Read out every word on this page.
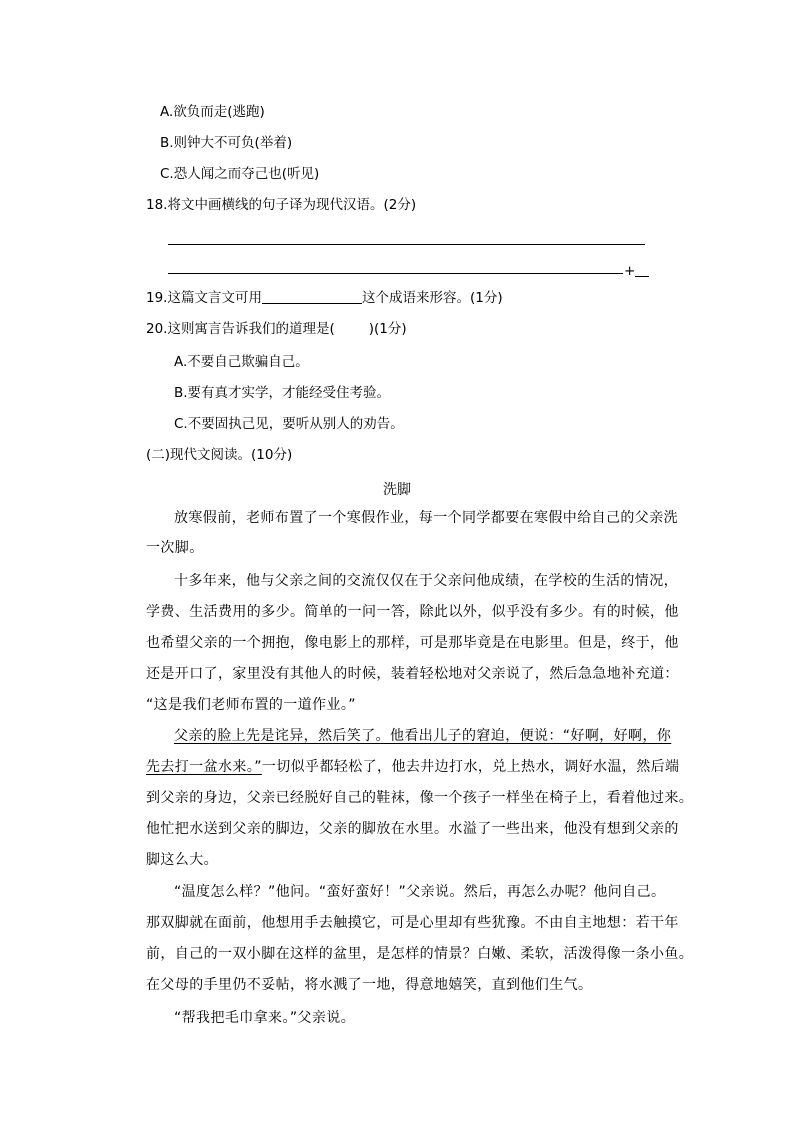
A.欲负而走(逃跑)
B.则钟大不可负(举着)
C.恐人闻之而夺己也(听见)
18.将文中画横线的句子译为现代汉语。(2分)
+
19.这篇文言文可用	这个成语来形容。(1分)
20.这则寓言告诉我们的道理是(	)(1分)
A.不要自己欺骗自己。
B.要有真才实学，才能经受住考验。
C.不要固执己见，要听从别人的劝告。
(二)现代文阅读。(10分)
洗脚
放寒假前，老师布置了一个寒假作业，每一个同学都要在寒假中给自己的父亲洗
一次脚。
十多年来，他与父亲之间的交流仅仅在于父亲问他成绩，在学校的生活的情况，
学费、生活费用的多少。简单的一问一答，除此以外，似乎没有多少。有的时候，他
也希望父亲的一个拥抱，像电影上的那样，可是那毕竟是在电影里。但是，终于，他
还是开口了，家里没有其他人的时候，装着轻松地对父亲说了，然后急急地补充道：
“这是我们老师布置的一道作业。”
父亲的脸上先是诧异，然后笑了。他看出儿子的窘迫，便说：“好啊，好啊，你
先去打一盆水来。”一切似乎都轻松了，他去井边打水，兑上热水，调好水温，然后端
到父亲的身边，父亲已经脱好自己的鞋袜，像一个孩子一样坐在椅子上，看着他过来。
他忙把水送到父亲的脚边，父亲的脚放在水里。水溢了一些出来，他没有想到父亲的
脚这么大。
“温度怎么样？”他问。“蛮好蛮好！”父亲说。然后，再怎么办呢？他问自己。
那双脚就在面前，他想用手去触摸它，可是心里却有些犹豫。不由自主地想：若干年
前，自己的一双小脚在这样的盆里，是怎样的情景？白嫩、柔软，活泼得像一条小鱼。
在父母的手里仍不妥帖，将水溅了一地，得意地嬉笑，直到他们生气。
“帮我把毛巾拿来。”父亲说。
